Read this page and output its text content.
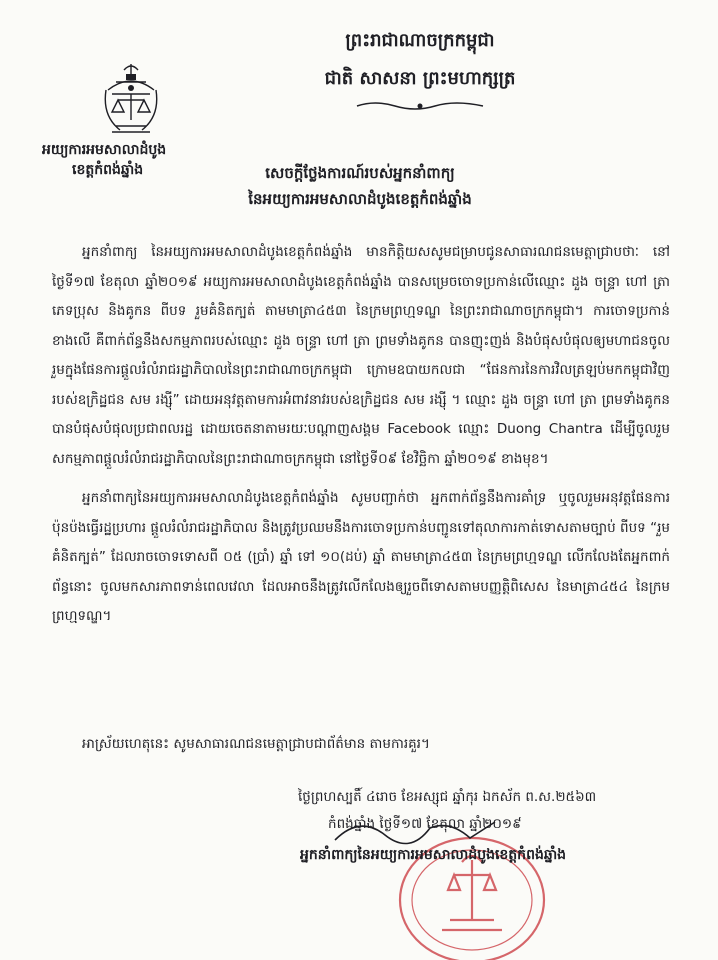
ព្រះរាជាណាចក្រកម្ពុជា
ជាតិ សាសនា ព្រះមហាក្សត្រ
អយ្យការអមសាលាដំបូង
ខេត្តកំពង់ឆ្នាំង	សេចក្ដីថ្លែងការណ៍របស់អ្នកនាំពាក្យ
នៃអយ្យការអមសាលាដំបូងខេត្តកំពង់ឆ្នាំង

អ្នកនាំពាក្យ នៃអយ្យការអមសាលាដំបូងខេត្តកំពង់ឆ្នាំង មានកិត្តិយសសូមជម្រាបជូនសាធារណជនមេត្តាជ្រាបថាៈ នៅថ្ងៃទី១៧ ខែតុលា ឆ្នាំ២០១៩ អយ្យការអមសាលាដំបូងខេត្តកំពង់ឆ្នាំង បានសម្រេចចោទប្រកាន់លើឈ្មោះ ដួង ចន្ទ្រា ហៅ ត្រា ភេទប្រុស និងគូកន ពីបទ រួមគំនិតក្បត់ តាមមាត្រា៤៥៣ នៃក្រមព្រហ្មទណ្ឌ នៃព្រះរាជាណាចក្រកម្ពុជា។ ការចោទប្រកាន់ខាងលើ គឺពាក់ព័ន្ធនឹងសកម្មភាពរបស់ឈ្មោះ ដួង ចន្ទ្រា ហៅ ត្រា ព្រមទាំងគូកន បានញុះញង់ និងបំផុសបំផុលឲ្យមហាជនចូលរួមក្នុងផែនការផ្ដួលរំលំរាជរដ្ឋាភិបាលនៃព្រះរាជាណាចក្រកម្ពុជា ក្រោមឧបាយកលជា “ផែនការនៃការវិលត្រឡប់មកកម្ពុជាវិញ របស់ឧក្រិដ្ឋជន សម រង្ស៊ី” ដោយអនុវត្តតាមការអំពាវនាវរបស់ឧក្រិដ្ឋជន សម រង្ស៊ី ។ ឈ្មោះ ដួង ចន្ទ្រា ហៅ ត្រា ព្រមទាំងគូកន បានបំផុសបំផុលប្រជាពលរដ្ឋ ដោយចេតនាតាមរយៈបណ្ដាញសង្គម Facebook ឈ្មោះ Duong Chantra ដើម្បីចូលរួមសកម្មភាពផ្ដួលរំលំរាជរដ្ឋាភិបាលនៃព្រះរាជាណាចក្រកម្ពុជា នៅថ្ងៃទី០៩ ខែវិច្ឆិកា ឆ្នាំ២០១៩ ខាងមុខ។

អ្នកនាំពាក្យនៃអយ្យការអមសាលាដំបូងខេត្តកំពង់ឆ្នាំង សូមបញ្ជាក់ថា អ្នកពាក់ព័ន្ធនឹងការគាំទ្រ ឬចូលរួមអនុវត្តផែនការប៉ុនប៉ងធ្វើរដ្ឋប្រហារ ផ្ដួលរំលំរាជរដ្ឋាភិបាល និងត្រូវប្រឈមនឹងការចោទប្រកាន់បញ្ជូនទៅតុលាការកាត់ទោសតាមច្បាប់ ពីបទ “រួមគំនិតក្បត់” ដែលរាចចោទទោសពី ០៥ (ប្រាំ) ឆ្នាំ ទៅ ១០(ដប់) ឆ្នាំ តាមមាត្រា៤៥៣ នៃក្រមព្រហ្មទណ្ឌ លើកលែងតែអ្នកពាក់ព័ន្ធនោះ ចូលមកសារភាពទាន់ពេលវេលា ដែលអាចនឹងត្រូវលើកលែងឲ្យរួចពីទោសតាមបញ្ញត្តិពិសេស នៃមាត្រា៤៥៤ នៃក្រមព្រហ្មទណ្ឌ។

អាស្រ័យហេតុនេះ សូមសាធារណជនមេត្តាជ្រាបជាព័ត៌មាន តាមការគួរ។
ថ្ងៃព្រហស្បតិ៍ ៤រោច ខែអស្សុជ ឆ្នាំកុរ ឯកស័ក ព.ស.២៥៦៣
កំពង់ឆ្នាំង ថ្ងៃទី១៧ ខែតុលា ឆ្នាំ២០១៩
អ្នកនាំពាក្យនៃអយ្យការអមសាលាដំបូងខេត្តកំពង់ឆ្នាំង
